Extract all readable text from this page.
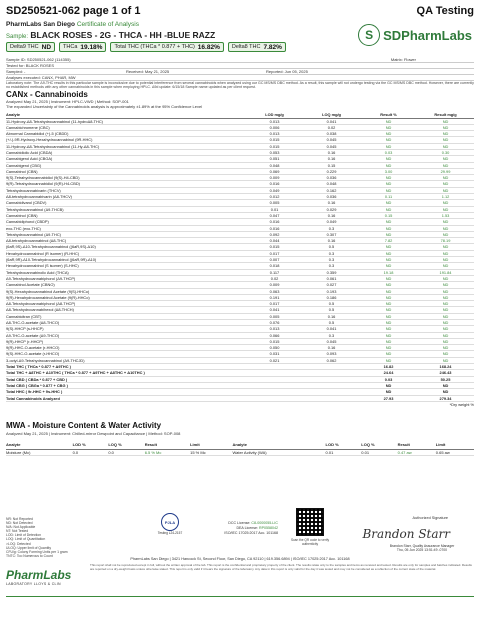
SD250521-062 page 1 of 1	QA Testing
PharmLabs San Diego Certificate of Analysis
Sample: BLACK ROSES - 2G - THCA - HH -BLUE RAZZ
Delta9 THC ND THCa 19.18% Total THC (THCa * 0.877 + THC) 16.82% Delta8 THC 7.82%
S SDPharmLabs
Sample ID: SD250521-062 (114355)	Matrix: Flower
Tested for: BLACK ROSES
Sampled: -	Received: May 21, 2025	Reported: Jun 05, 2025
Analyses executed: CANX, PHAR, MW
Laboratory note: The Δ9-THC results in this particular sample is inconclusive due to potential interference from several cannabinoids when analyzed using our GC MS/MS DBC method. As a result, this sample will not undergo testing via the GC MS/MS DBC method. However, there are currently no established methods with any other cannabinoids in this sample when employing HPLC. Δ9d update: 6/15/18 Sample name updated as per client request.
CANx - Cannabinoids
Analyzed May 21, 2025 | Instrument: HPLC-VWD | Method: SOP-001
The expanded Uncertainty of the Cannabinoids analysis is approximately ±1.89% at the 95% Confidence Level
Analyte	LOD mg/g	LOQ mg/g	Result %	Result mg/g
11-Hydroxy-Δ8-Tetrahydrocannabinol (11-hydroΔ8-THC)	0.013	0.041	ND	ND
Cannabichromene (CBC)	0.006	0.02	ND	ND
Abnormal Cannabidiol (+)-5 (CBDD)	0.013	0.038	ND	ND
(+/-)-9R-Hydroxy-Hexahydrocannabinol (9R-HHC)	0.015	0.045	ND	ND
11-Hydroxy-Δ8-Tetrahydrocannabinol (11-Hy-Δ8-THC)	0.015	0.045	ND	ND
Cannabidiolic Acid (CBDA)	0.053	0.16	0.03	0.30
Cannabigerol Acid (CBGA)	0.051	0.16	ND	ND
Cannabigerol (CBG)	0.048	0.15	ND	ND
Cannabinol (CBN)	0.069	0.229	3.00	29.99
9(S)-Tetrahydrocannabidiol (9(S)-H4-CBD)	0.009	0.036	ND	ND
9(R)-Tetrahydrocannabidiol (9(R)-H4-CBD)	0.016	0.048	ND	ND
Tetrahydrocannabivarin (THCV)	0.049	0.162	ND	ND
Δ8-tetrahydrocannabivarin (Δ8-THCV)	0.012	0.036	0.11	1.12
Cannabidivarol (CBDV)	0.005	0.16	ND	ND
Tetrahydrocannabinol (Δ9-THCB)	0.01	0.029	ND	ND
Cannabinol (CBN)	0.047	0.16	0.15	1.53
Cannabidiphorol (CBDP)	0.016	0.049	ND	ND
exo-THC (exo-THC)	0.016	0.3	ND	ND
Tetrahydrocannabinol (Δ9-THC)	0.092	0.307	ND	ND
Δ8-tetrahydrocannabinol (Δ8-THC)	0.044	0.16	7.82	78.19
(6aR,9S)-Δ10-Tetrahydrocannabinol ((6aR,9S)-Δ10)	0.015	0.5	ND	ND
Hexahydrocannabinol (R isomer) (R-HHC)	0.017	0.3	ND	ND
(6aR,9R)-Δ10-Tetrahydrocannabinol ((6aR,9R)-Δ10)	0.007	0.3	ND	ND
Hexahydrocannabinol (S isomer) (S-HHC)	0.018	0.3	ND	ND
Tetrahydrocannabinolic Acid (THCA)	0.117	0.359	19.18	191.84
Δ9-Tetrahydrocannabiphorol (Δ9-THCP)	0.02	0.061	ND	ND
Cannabinol Acetate (CBNO)	0.009	0.027	ND	ND
9(S)-Hexahydrocannabinol Acetate (9(S)-HHCo)	0.063	0.193	ND	ND
9(R)-Hexahydrocannabinol Acetate (9(R)-HHCo)	0.191	0.186	ND	ND
Δ8-Tetrahydrocannabiphorol (Δ8-THCP)	0.017	0.5	ND	ND
Δ8-Tetrahydrocannabihexol (Δ8-THCH)	0.041	0.5	ND	ND
Cannabicitran (CBT)	0.005	0.16	ND	ND
Δ8-THC-O-acetate (Δ8-THCO)	0.076	0.5	ND	ND
9(S)-HHCP (s-HHCP)	0.013	0.041	ND	ND
Δ9-THC-O-acetate (Δ9-THCO)	0.066	0.3	ND	ND
9(R)-HHCP (r-HHCP)	0.015	0.045	ND	ND
9(R)-HHC-O-acetate (r-HHCO)	0.050	0.16	ND	ND
9(S)-HHC-O-acetate (r-HHCO)	0.031	0.093	ND	ND
3-octyl-Δ9-Tetrahydrocannabinol (Δ9-THCJD)	0.021	0.062	ND	ND
Total THC ( THCa * 0.877 + Δ9THC )			16.82	168.24
Total THC + Δ8THC + Δ10THC ( THCa * 0.877 + Δ9THC + Δ8THC + Δ10THC )			24.64	246.43
Total CBD ( CBDa * 0.877 + CBD )			0.03	50.25
Total CBG ( CBGa * 0.877 + CBG )			ND	ND
Total HHC ( 9r-HHC + 9s-HHC )			ND	ND
Total Cannabinoids Analyzed			27.93	279.34
*Dry weight %				
MWA - Moisture Content & Water Activity
Analyzed May 21, 2025 | Instrument: Chilled-mirror Dewpoint and Capacitance | Method: SOP-008
Analyte	LOD %	LOQ %	Result	Limit	Analyte	LOD %	LOQ %	Result	Limit
Moisture (Mc)	0.0	0.0	6.5 % Mc	15 % Mc	Water Activity (WA)	0.01	0.01	0.47 aw	0.65 aw
NR: Not Reported
ND: Not Detected
N/A: Not Applicable
NT: Not Tested
LOD: Limit of Detection
LOQ: Limit of Quantitation
>LOQ: Detected
ULOQ: Upper limit of Quantity
CFU/g: Colony Forming Units per 1 gram
TNTC: Too Numerous to Count
PJLA
Testing L24-2157
DCC License: C8-0000055-LIC
DEA License: RP0558042
ISO/IEC 17025:2017 Acc. 101168
Scan the QR code to verify authenticity
Authorized Signature
Brandon Starr
Brandon Starr, Quality Assurance Manager
Thu, 05 Jun 2025 13:51:49 -0700
PharmLabs San Diego | 3421 Hancock St, Second Floor, San Diego, CA 92110 | 619.356.6894 | ISO/IEC 17025:2017 Acc. 101168
This report shall not be reproduced except in full, without the written approval of the lab. This report is the confidential and proprietary property of the client. The results relate only to the samples and items as received and tested. Results are only for samples and batches indicated. Results are reported on a dry-weight basis unless otherwise stated. This report is only valid if it bears the signature of the laboratory. Any data in this report is only valid for the day it was tested and may not be considered as a reflection of the current state of the material.
PharmLabs
LABORATORY LLOYS & CLIN
